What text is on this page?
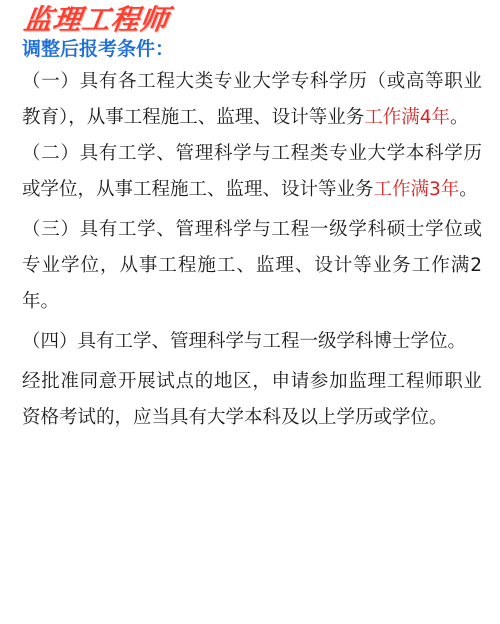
监理工程师
调整后报考条件：

（一）具有各工程大类专业大学专科学历（或高等职业教育），从事工程施工、监理、设计等业务工作满4年。

（二）具有工学、管理科学与工程类专业大学本科学历或学位，从事工程施工、监理、设计等业务工作满3年。

（三）具有工学、管理科学与工程一级学科硕士学位或专业学位，从事工程施工、监理、设计等业务工作满2年。

（四）具有工学、管理科学与工程一级学科博士学位。

经批准同意开展试点的地区，申请参加监理工程师职业资格考试的，应当具有大学本科及以上学历或学位。
